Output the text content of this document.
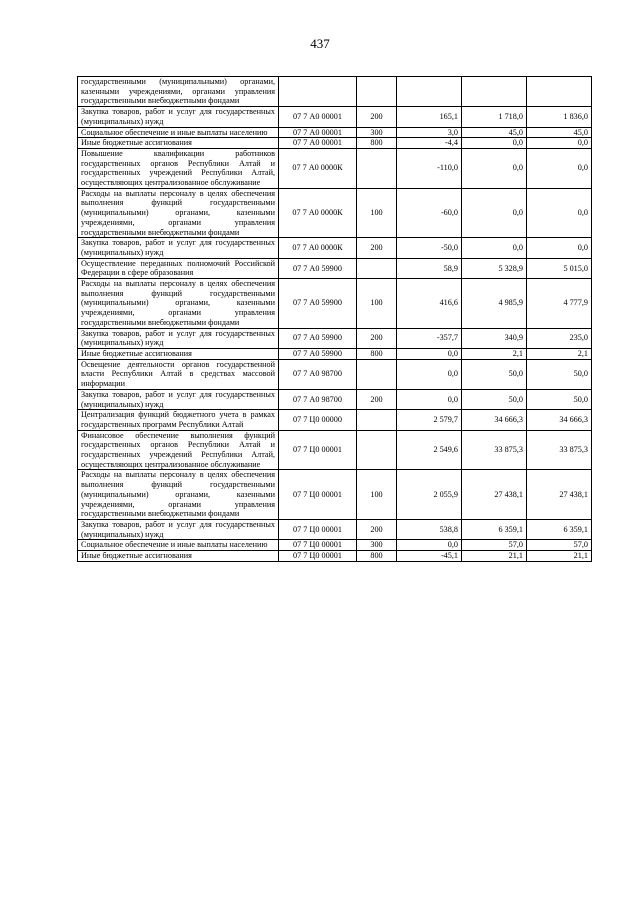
437
государственными (муниципальными) органами, казенными учреждениями, органами управления государственными внебюджетными фондами					
Закупка товаров, работ и услуг для государственных (муниципальных) нужд	07 7 А0 00001	200	165,1	1 718,0	1 836,0
Социальное обеспечение и иные выплаты населению	07 7 А0 00001	300	3,0	45,0	45,0
Иные бюджетные ассигнования	07 7 А0 00001	800	-4,4	0,0	0,0
Повышение квалификации работников государственных органов Республики Алтай и государственных учреждений Республики Алтай, осуществляющих централизованное обслуживание	07 7 А0 0000К		-110,0	0,0	0,0
Расходы на выплаты персоналу в целях обеспечения выполнения функций государственными (муниципальными) органами, казенными учреждениями, органами управления государственными внебюджетными фондами	07 7 А0 0000К	100	-60,0	0,0	0,0
Закупка товаров, работ и услуг для государственных (муниципальных) нужд	07 7 А0 0000К	200	-50,0	0,0	0,0
Осуществление переданных полномочий Российской Федерации в сфере образования	07 7 А0 59900		58,9	5 328,9	5 015,0
Расходы на выплаты персоналу в целях обеспечения выполнения функций государственными (муниципальными) органами, казенными учреждениями, органами управления государственными внебюджетными фондами	07 7 А0 59900	100	416,6	4 985,9	4 777,9
Закупка товаров, работ и услуг для государственных (муниципальных) нужд	07 7 А0 59900	200	-357,7	340,9	235,0
Иные бюджетные ассигнования	07 7 А0 59900	800	0,0	2,1	2,1
Освещение деятельности органов государственной власти Республики Алтай в средствах массовой информации	07 7 А0 98700		0,0	50,0	50,0
Закупка товаров, работ и услуг для государственных (муниципальных) нужд	07 7 А0 98700	200	0,0	50,0	50,0
Централизация функций бюджетного учета в рамках государственных программ Республики Алтай	07 7 Ц0 00000		2 579,7	34 666,3	34 666,3
Финансовое обеспечение выполнения функций государственных органов Республики Алтай и государственных учреждений Республики Алтай, осуществляющих централизованное обслуживание	07 7 Ц0 00001		2 549,6	33 875,3	33 875,3
Расходы на выплаты персоналу в целях обеспечения выполнения функций государственными (муниципальными) органами, казенными учреждениями, органами управления государственными внебюджетными фондами	07 7 Ц0 00001	100	2 055,9	27 438,1	27 438,1
Закупка товаров, работ и услуг для государственных (муниципальных) нужд	07 7 Ц0 00001	200	538,8	6 359,1	6 359,1
Социальное обеспечение и иные выплаты населению	07 7 Ц0 00001	300	0,0	57,0	57,0
Иные бюджетные ассигнования	07 7 Ц0 00001	800	-45,1	21,1	21,1
